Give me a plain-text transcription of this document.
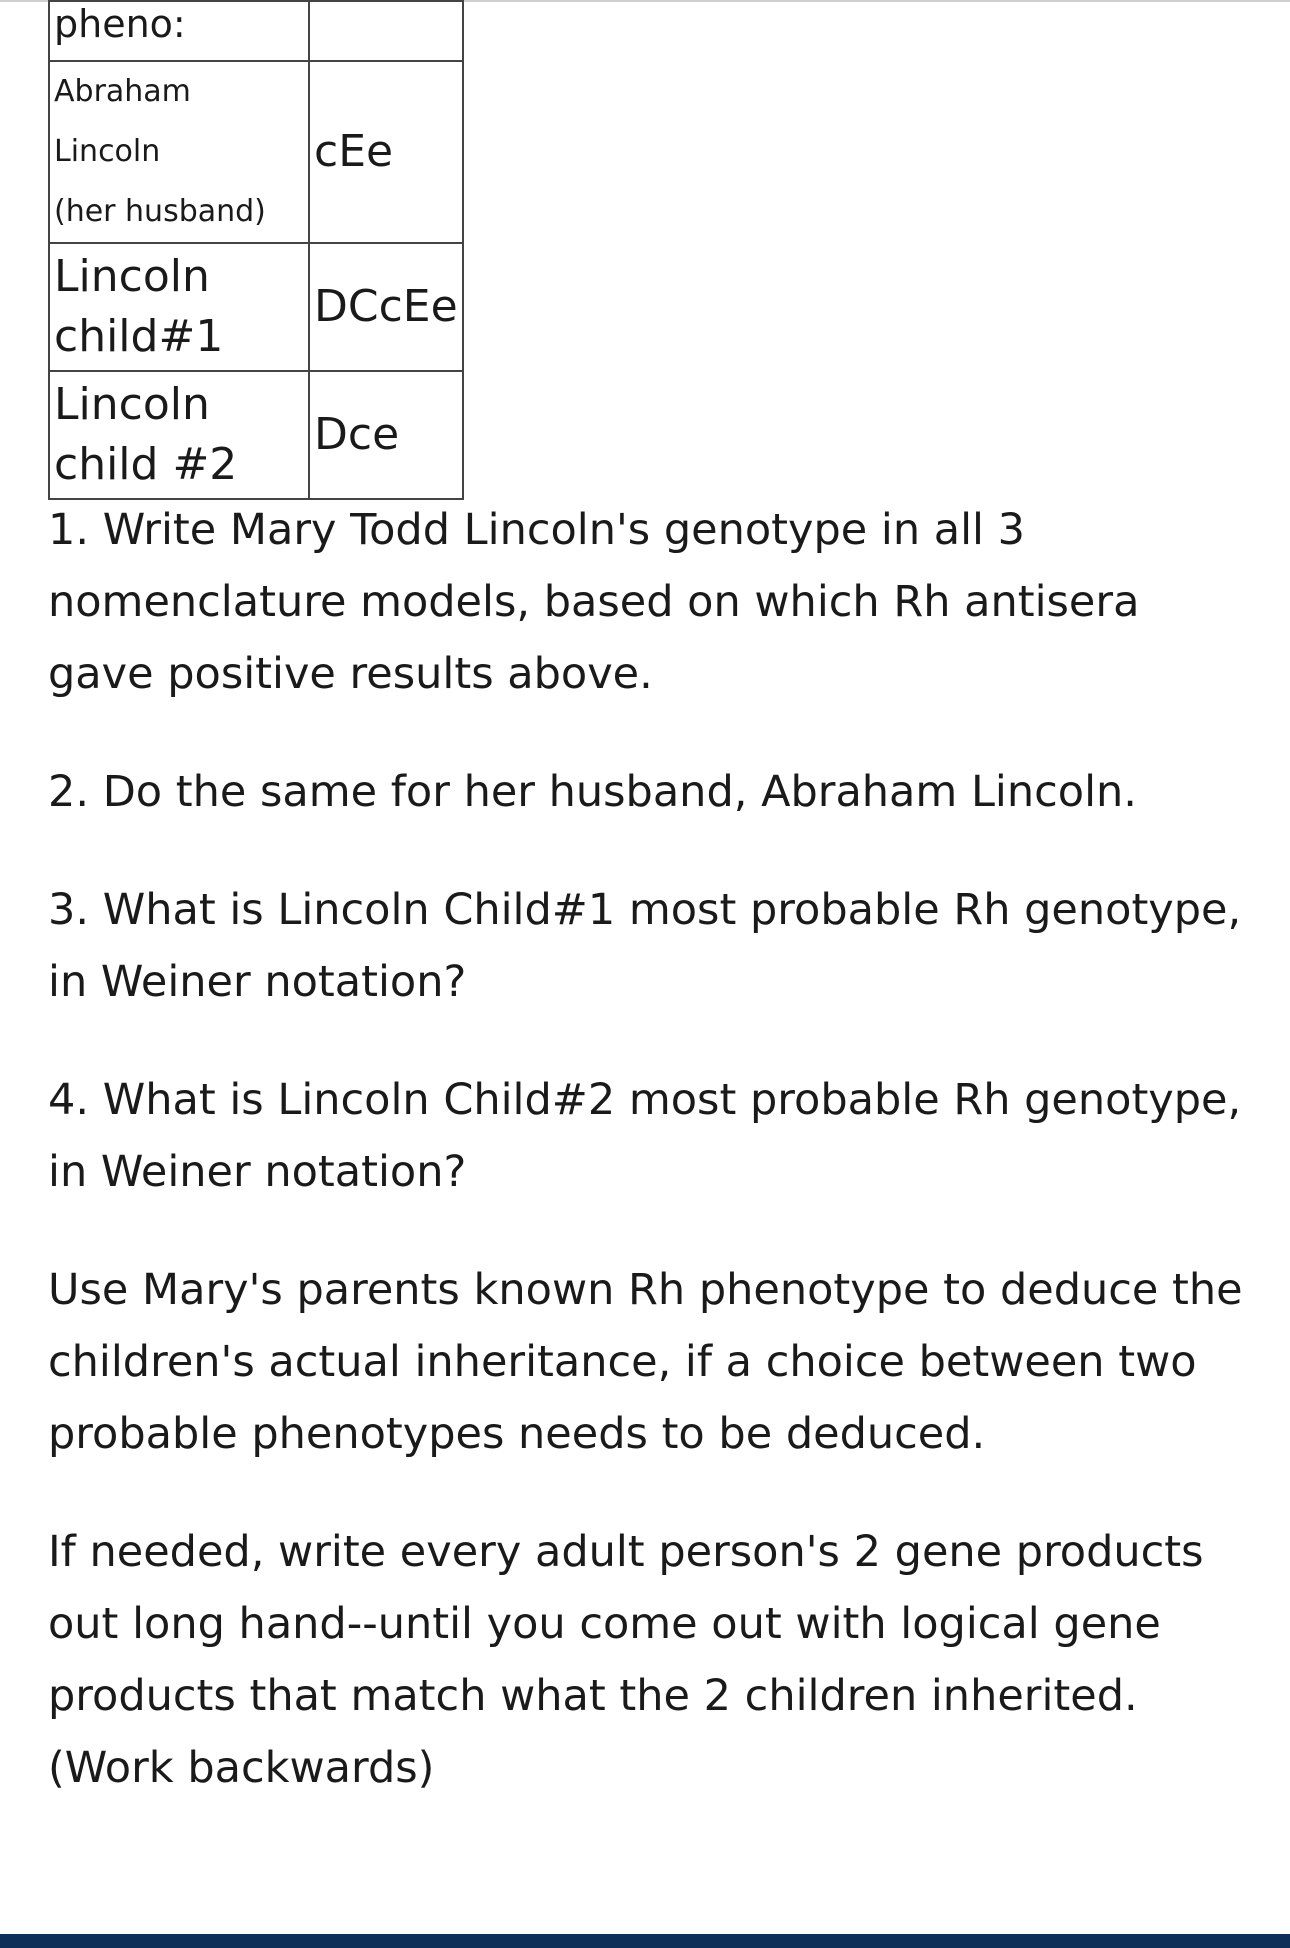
pheno:	

Abraham Lincoln
(her husband)	cEe

Lincoln
child#1	DCcEe

Lincoln
child #2	Dce

1. Write Mary Todd Lincoln's genotype in all 3 nomenclature models, based on which Rh antisera gave positive results above.

2. Do the same for her husband, Abraham Lincoln.

3. What is Lincoln Child#1 most probable Rh genotype, in Weiner notation?

4. What is Lincoln Child#2 most probable Rh genotype, in Weiner notation?

Use Mary's parents known Rh phenotype to deduce the children's actual inheritance, if a choice between two probable phenotypes needs to be deduced.

If needed, write every adult person's 2 gene products out long hand--until you come out with logical gene products that match what the 2 children inherited. (Work backwards)
